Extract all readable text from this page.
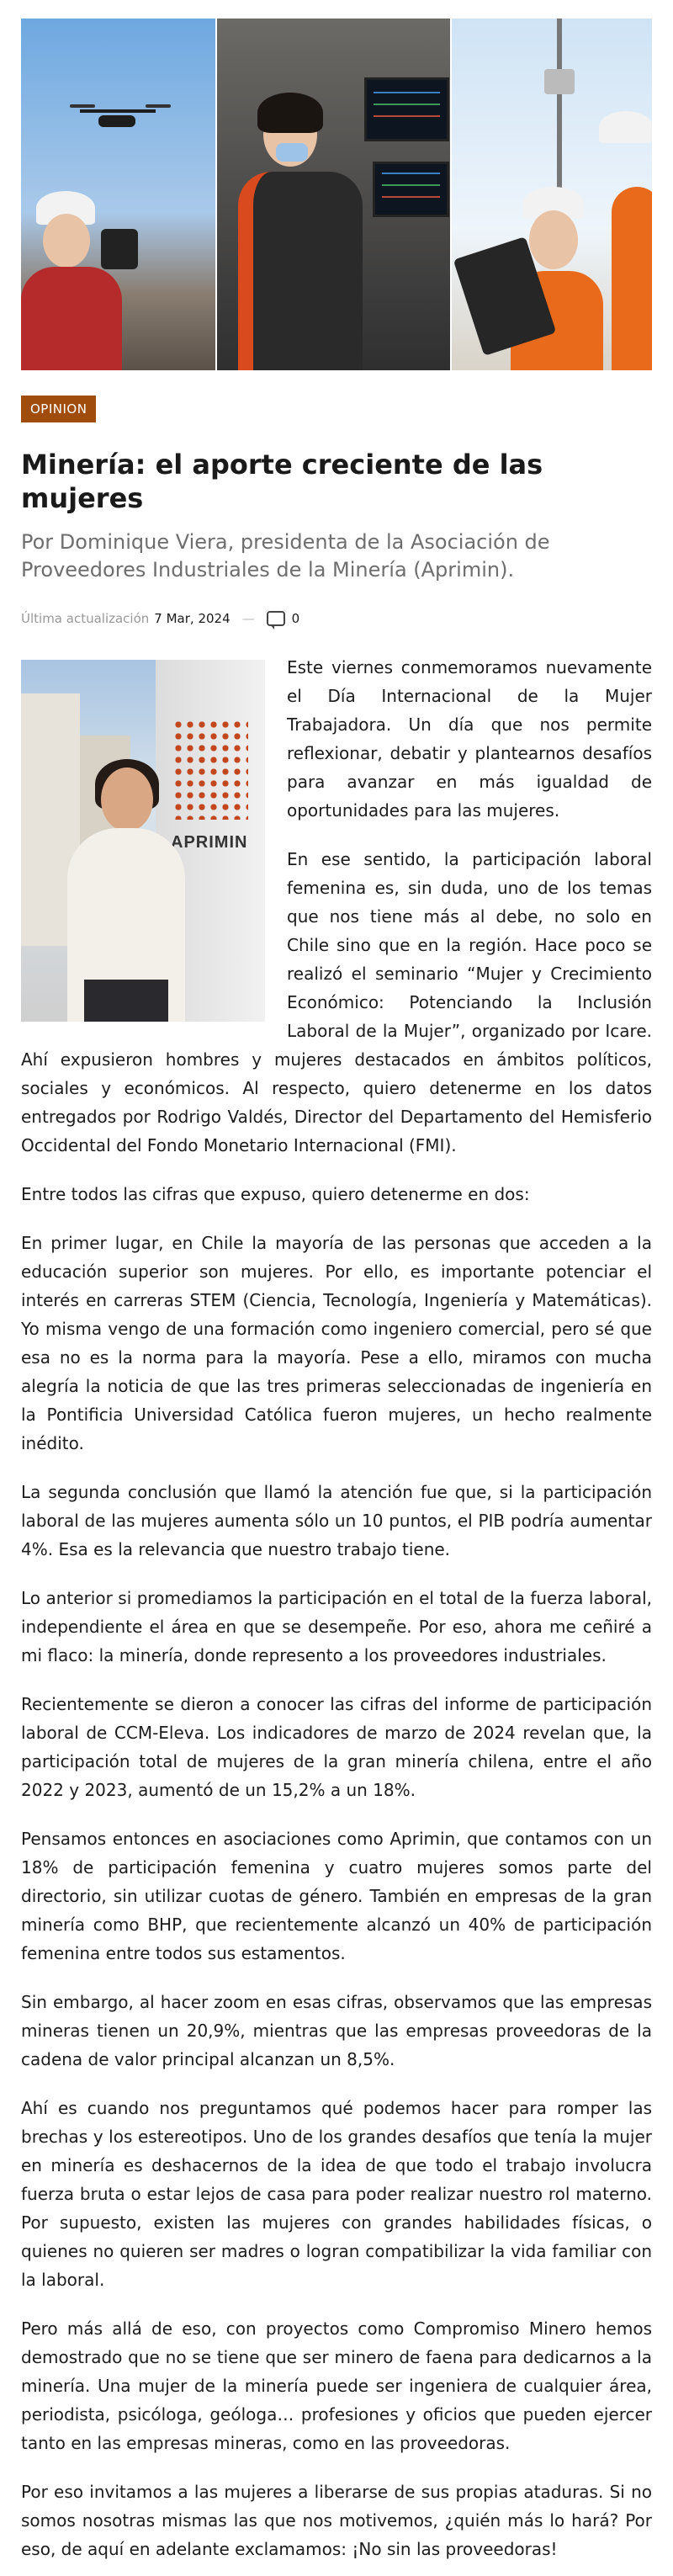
OPINION
Minería: el aporte creciente de las mujeres
Por Dominique Viera, presidenta de la Asociación de Proveedores Industriales de la Minería (Aprimin).
Última actualización 7 Mar, 2024 —	0
APRIMIN

Este viernes conmemoramos nuevamente el Día Internacional de la Mujer Trabajadora. Un día que nos permite reflexionar, debatir y plantearnos desafíos para avanzar en más igualdad de oportunidades para las mujeres.

En ese sentido, la participación laboral femenina es, sin duda, uno de los temas que nos tiene más al debe, no solo en Chile sino que en la región. Hace poco se realizó el seminario “Mujer y Crecimiento Económico: Potenciando la Inclusión Laboral de la Mujer”, organizado por Icare. Ahí expusieron hombres y mujeres destacados en ámbitos políticos, sociales y económicos. Al respecto, quiero detenerme en los datos entregados por Rodrigo Valdés, Director del Departamento del Hemisferio Occidental del Fondo Monetario Internacional (FMI).

Entre todos las cifras que expuso, quiero detenerme en dos:

En primer lugar, en Chile la mayoría de las personas que acceden a la educación superior son mujeres. Por ello, es importante potenciar el interés en carreras STEM (Ciencia, Tecnología, Ingeniería y Matemáticas). Yo misma vengo de una formación como ingeniero comercial, pero sé que esa no es la norma para la mayoría. Pese a ello, miramos con mucha alegría la noticia de que las tres primeras seleccionadas de ingeniería en la Pontificia Universidad Católica fueron mujeres, un hecho realmente inédito.

La segunda conclusión que llamó la atención fue que, si la participación laboral de las mujeres aumenta sólo un 10 puntos, el PIB podría aumentar 4%. Esa es la relevancia que nuestro trabajo tiene.

Lo anterior si promediamos la participación en el total de la fuerza laboral, independiente el área en que se desempeñe. Por eso, ahora me ceñiré a mi flaco: la minería, donde represento a los proveedores industriales.

Recientemente se dieron a conocer las cifras del informe de participación laboral de CCM-Eleva. Los indicadores de marzo de 2024 revelan que, la participación total de mujeres de la gran minería chilena, entre el año 2022 y 2023, aumentó de un 15,2% a un 18%.

Pensamos entonces en asociaciones como Aprimin, que contamos con un 18% de participación femenina y cuatro mujeres somos parte del directorio, sin utilizar cuotas de género. También en empresas de la gran minería como BHP, que recientemente alcanzó un 40% de participación femenina entre todos sus estamentos.

Sin embargo, al hacer zoom en esas cifras, observamos que las empresas mineras tienen un 20,9%, mientras que las empresas proveedoras de la cadena de valor principal alcanzan un 8,5%.

Ahí es cuando nos preguntamos qué podemos hacer para romper las brechas y los estereotipos. Uno de los grandes desafíos que tenía la mujer en minería es deshacernos de la idea de que todo el trabajo involucra fuerza bruta o estar lejos de casa para poder realizar nuestro rol materno. Por supuesto, existen las mujeres con grandes habilidades físicas, o quienes no quieren ser madres o logran compatibilizar la vida familiar con la laboral.

Pero más allá de eso, con proyectos como Compromiso Minero hemos demostrado que no se tiene que ser minero de faena para dedicarnos a la minería. Una mujer de la minería puede ser ingeniera de cualquier área, periodista, psicóloga, geóloga… profesiones y oficios que pueden ejercer tanto en las empresas mineras, como en las proveedoras.

Por eso invitamos a las mujeres a liberarse de sus propias ataduras. Si no somos nosotras mismas las que nos motivemos, ¿quién más lo hará? Por eso, de aquí en adelante exclamamos: ¡No sin las proveedoras!
